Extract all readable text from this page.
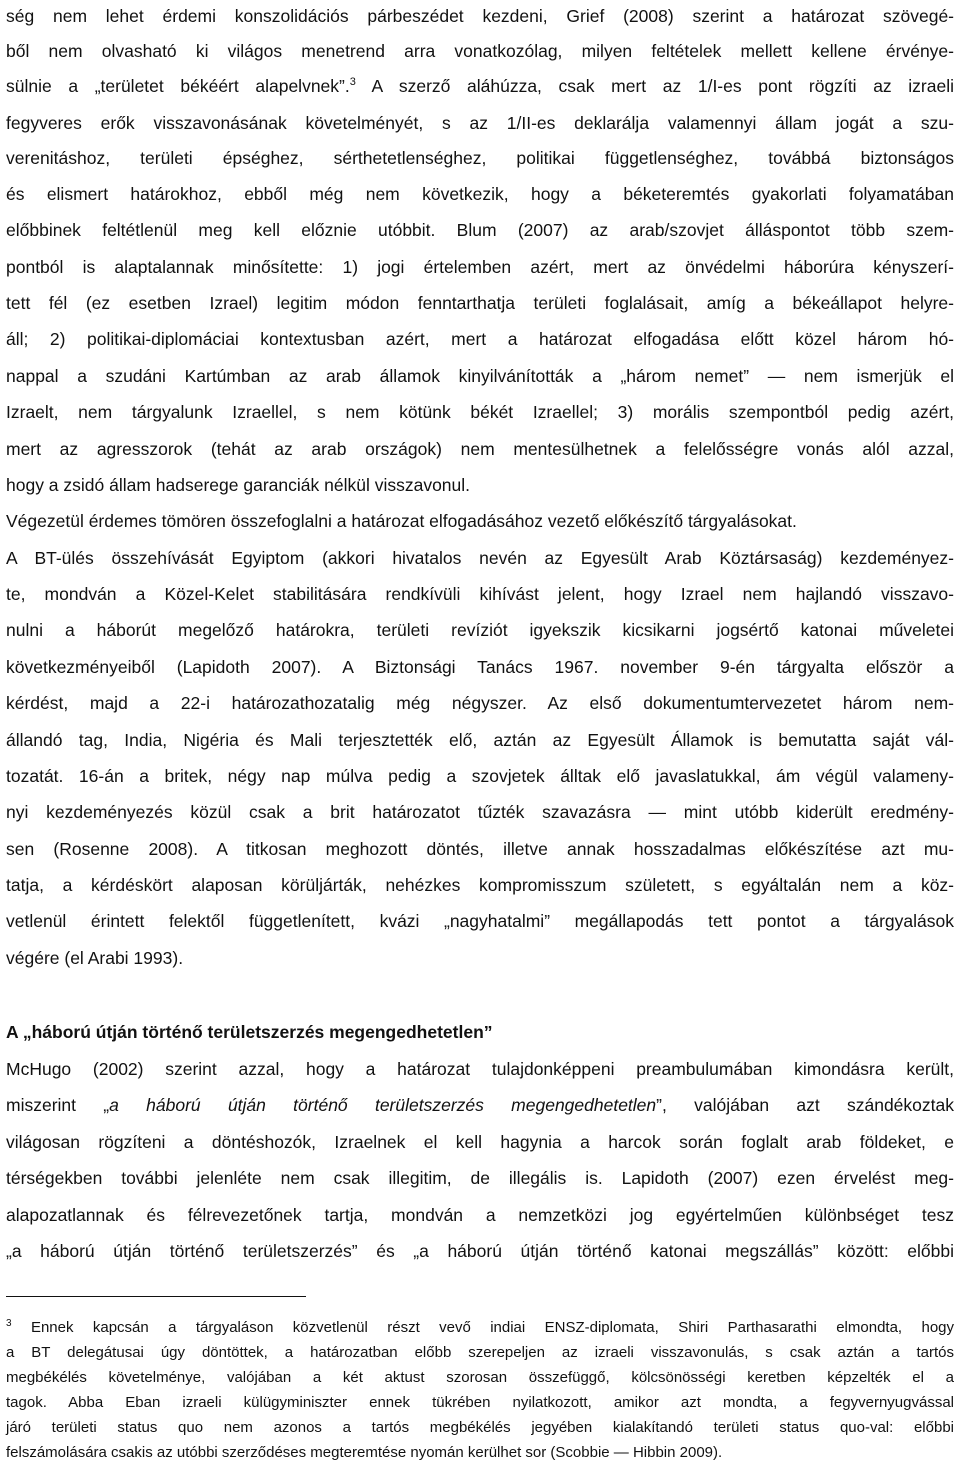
ség nem lehet érdemi konszolidációs párbeszédet kezdeni, Grief (2008) szerint a határozat szövegé-
ből nem olvasható ki világos menetrend arra vonatkozólag, milyen feltételek mellett kellene érvénye-
sülnie a „területet békéért alapelvnek”.$^3$ A szerző aláhúzza, csak mert az 1/I-es pont rögzíti az izraeli
fegyveres erők visszavonásának követelményét, s az 1/II-es deklarálja valamennyi állam jogát a szu-
verenitáshoz, területi épséghez, sérthetetlenséghez, politikai függetlenséghez, továbbá biztonságos
és elismert határokhoz, ebből még nem következik, hogy a béketeremtés gyakorlati folyamatában
előbbinek feltétlenül meg kell előznie utóbbit. Blum (2007) az arab/szovjet álláspontot több szem-
pontból is alaptalannak minősítette: 1) jogi értelemben azért, mert az önvédelmi háborúra kényszerí-
tett fél (ez esetben Izrael) legitim módon fenntarthatja területi foglalásait, amíg a békeállapot helyre-
áll; 2) politikai-diplomáciai kontextusban azért, mert a határozat elfogadása előtt közel három hó-
nappal a szudáni Kartúmban az arab államok kinyilvánították a „három nemet” — nem ismerjük el
Izraelt, nem tárgyalunk Izraellel, s nem kötünk békét Izraellel; 3) morális szempontból pedig azért,
mert az agresszorok (tehát az arab országok) nem mentesülhetnek a felelősségre vonás alól azzal,
hogy a zsidó állam hadserege garanciák nélkül visszavonul.
Végezetül érdemes tömören összefoglalni a határozat elfogadásához vezető előkészítő tárgyalásokat.
A BT-ülés összehívását Egyiptom (akkori hivatalos nevén az Egyesült Arab Köztársaság) kezdeményez-
te, mondván a Közel-Kelet stabilitására rendkívüli kihívást jelent, hogy Izrael nem hajlandó visszavo-
nulni a háborút megelőző határokra, területi revíziót igyekszik kicsikarni jogsértő katonai műveletei
következményeiből (Lapidoth 2007). A Biztonsági Tanács 1967. november 9-én tárgyalta először a
kérdést, majd a 22-i határozathozatalig még négyszer. Az első dokumentumtervezetet három nem-
állandó tag, India, Nigéria és Mali terjesztették elő, aztán az Egyesült Államok is bemutatta saját vál-
tozatát. 16-án a britek, négy nap múlva pedig a szovjetek álltak elő javaslatukkal, ám végül valameny-
nyi kezdeményezés közül csak a brit határozatot tűzték szavazásra — mint utóbb kiderült eredmény-
sen (Rosenne 2008). A titkosan meghozott döntés, illetve annak hosszadalmas előkészítése azt mu-
tatja, a kérdéskört alaposan körüljárták, nehézkes kompromisszum született, s egyáltalán nem a köz-
vetlenül érintett felektől függetlenített, kvázi „nagyhatalmi” megállapodás tett pontot a tárgyalások
végére (el Arabi 1993).
A „háború útján történő területszerzés megengedhetetlen”
McHugo (2002) szerint azzal, hogy a határozat tulajdonképpeni preambulumában kimondásra került,
miszerint „a háború útján történő területszerzés megengedhetetlen”, valójában azt szándékoztak
világosan rögzíteni a döntéshozók, Izraelnek el kell hagynia a harcok során foglalt arab földeket, e
térségekben további jelenléte nem csak illegitim, de illegális is. Lapidoth (2007) ezen érvelést meg-
alapozatlannak és félrevezetőnek tartja, mondván a nemzetközi jog egyértelműen különbséget tesz
„a háború útján történő területszerzés” és „a háború útján történő katonai megszállás” között: előbbi
$^3$ Ennek kapcsán a tárgyaláson közvetlenül részt vevő indiai ENSZ-diplomata, Shiri Parthasarathi elmondta, hogy
a BT delegátusai úgy döntöttek, a határozatban előbb szerepeljen az izraeli visszavonulás, s csak aztán a tartós
megbékélés követelménye, valójában a két aktust szorosan összefüggő, kölcsönösségi keretben képzelték el a
tagok. Abba Eban izraeli külügyminiszter ennek tükrében nyilatkozott, amikor azt mondta, a fegyvernyugvással
járó területi status quo nem azonos a tartós megbékélés jegyében kialakítandó területi status quo-val: előbbi
felszámolására csakis az utóbbi szerződéses megteremtése nyomán kerülhet sor (Scobbie — Hibbin 2009).
